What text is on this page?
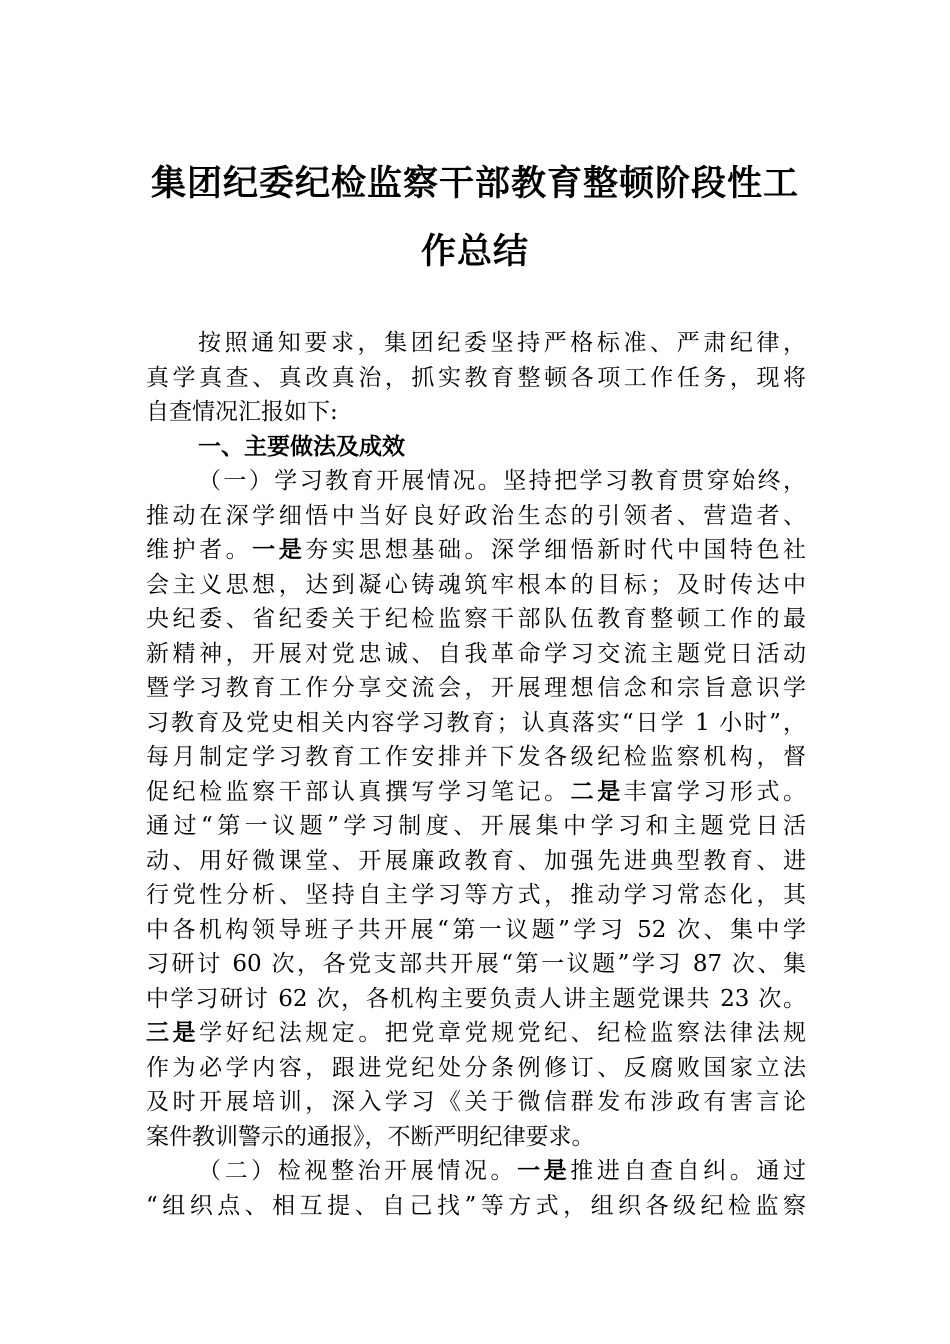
集团纪委纪检监察干部教育整顿阶段性工
作总结
按照通知要求，集团纪委坚持严格标准、严肃纪律，
真学真查、真改真治，抓实教育整顿各项工作任务，现将
自查情况汇报如下:
一、主要做法及成效
（一）学习教育开展情况。坚持把学习教育贯穿始终，
推动在深学细悟中当好良好政治生态的引领者、营造者、
维护者。一是夯实思想基础。深学细悟新时代中国特色社
会主义思想，达到凝心铸魂筑牢根本的目标；及时传达中
央纪委、省纪委关于纪检监察干部队伍教育整顿工作的最
新精神，开展对党忠诚、自我革命学习交流主题党日活动
暨学习教育工作分享交流会，开展理想信念和宗旨意识学
习教育及党史相关内容学习教育；认真落实“日学 1 小时”，
每月制定学习教育工作安排并下发各级纪检监察机构，督
促纪检监察干部认真撰写学习笔记。二是丰富学习形式。
通过“第一议题”学习制度、开展集中学习和主题党日活
动、用好微课堂、开展廉政教育、加强先进典型教育、进
行党性分析、坚持自主学习等方式，推动学习常态化，其
中各机构领导班子共开展“第一议题”学习 52 次、集中学
习研讨 60 次，各党支部共开展“第一议题”学习 87 次、集
中学习研讨 62 次，各机构主要负责人讲主题党课共 23 次。
三是学好纪法规定。把党章党规党纪、纪检监察法律法规
作为必学内容，跟进党纪处分条例修订、反腐败国家立法
及时开展培训，深入学习《关于微信群发布涉政有害言论
案件教训警示的通报》，不断严明纪律要求。
（二）检视整治开展情况。一是推进自查自纠。通过
“组织点、相互提、自己找”等方式，组织各级纪检监察
